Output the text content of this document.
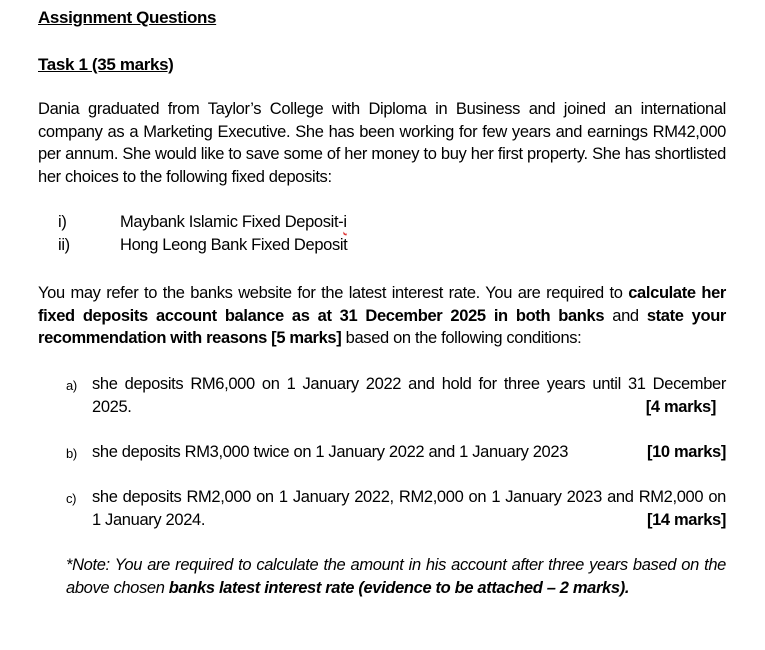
Assignment Questions
Task 1 (35 marks)
Dania graduated from Taylor’s College with Diploma in Business and joined an international company as a Marketing Executive. She has been working for few years and earnings RM42,000 per annum. She would like to save some of her money to buy her first property. She has shortlisted her choices to the following fixed deposits:
i)	Maybank Islamic Fixed Deposit-i
ii)	Hong Leong Bank Fixed Deposit
You may refer to the banks website for the latest interest rate. You are required to calculate her fixed deposits account balance as at 31 December 2025 in both banks and state your recommendation with reasons [5 marks] based on the following conditions:
a) she deposits RM6,000 on 1 January 2022 and hold for three years until 31 December 2025.	[4 marks]
b) she deposits RM3,000 twice on 1 January 2022 and 1 January 2023	[10 marks]
c) she deposits RM2,000 on 1 January 2022, RM2,000 on 1 January 2023 and RM2,000 on 1 January 2024.	[14 marks]
*Note: You are required to calculate the amount in his account after three years based on the above chosen banks latest interest rate (evidence to be attached – 2 marks).
